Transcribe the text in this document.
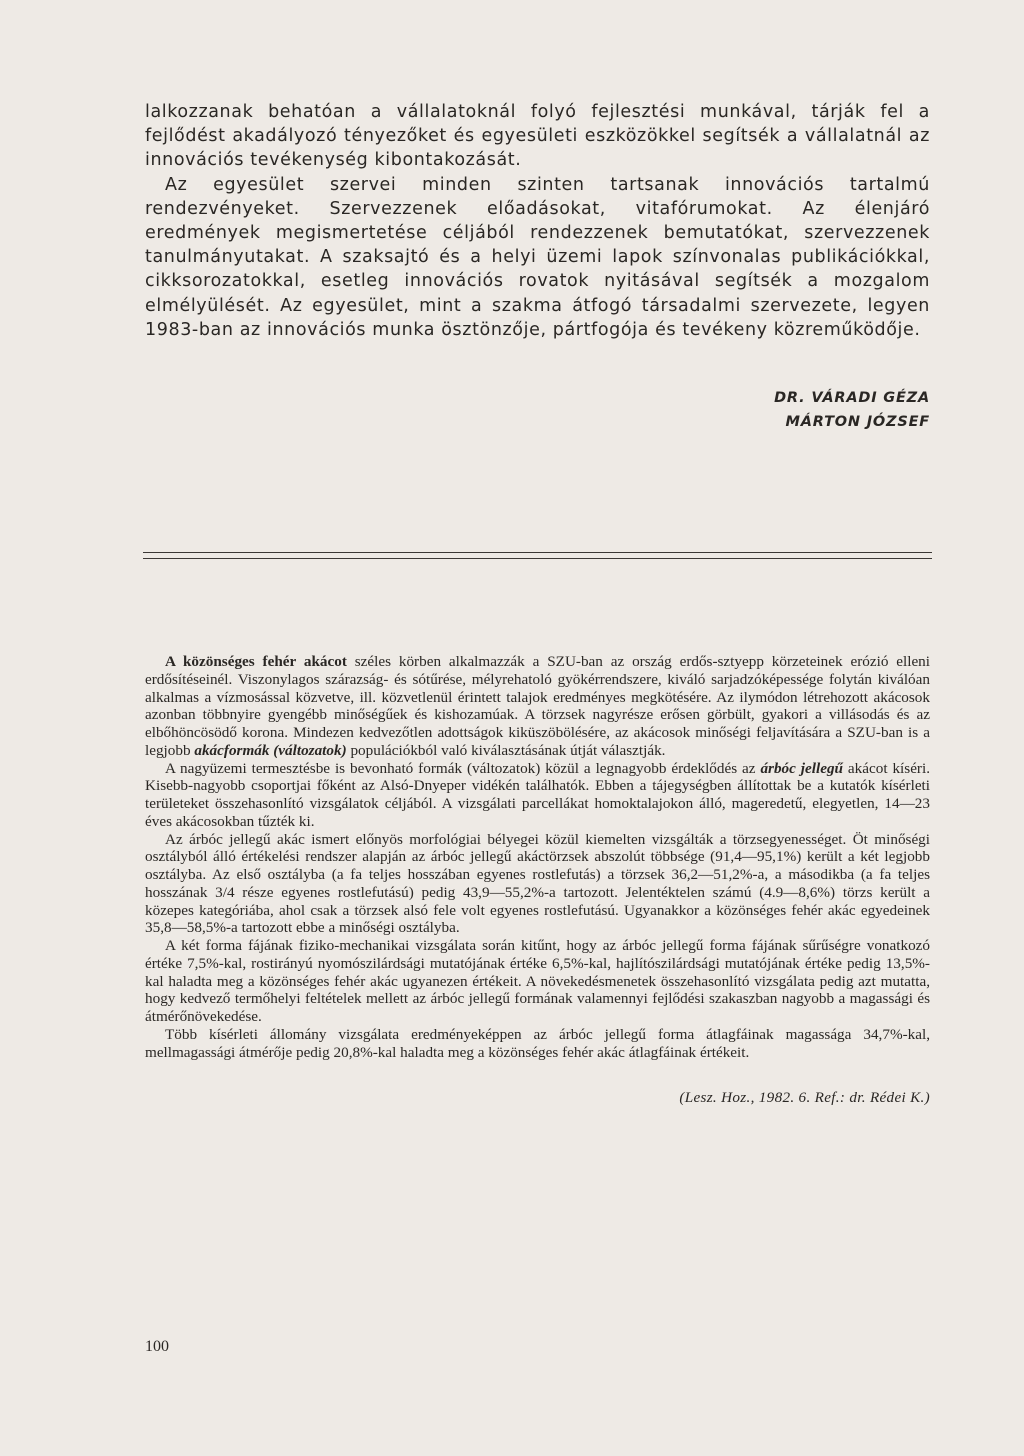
lalkozzanak behatóan a vállalatoknál folyó fejlesztési munkával, tárják fel a fejlődést akadályozó tényezőket és egyesületi eszközökkel segítsék a vállalatnál az innovációs tevékenység kibontakozását.

Az egyesület szervei minden szinten tartsanak innovációs tartalmú rendezvényeket. Szervezzenek előadásokat, vitafórumokat. Az élenjáró eredmények megismertetése céljából rendezzenek bemutatókat, szervezzenek tanulmányutakat. A szaksajtó és a helyi üzemi lapok színvonalas publikációkkal, cikksorozatokkal, esetleg innovációs rovatok nyitásával segítsék a mozgalom elmélyülését. Az egyesület, mint a szakma átfogó társadalmi szervezete, legyen 1983-ban az innovációs munka ösztönzője, pártfogója és tevékeny közreműködője.

DR. VÁRADI GÉZA
MÁRTON JÓZSEF

A közönséges fehér akácot széles körben alkalmazzák a SZU-ban az ország erdős-sztyepp körzeteinek erózió elleni erdősítéseinél. Viszonylagos szárazság- és sótűrése, mélyrehatoló gyökérrendszere, kiváló sarjadzóképessége folytán kiválóan alkalmas a vízmosással közvetve, ill. közvetlenül érintett talajok eredményes megkötésére. Az ilymódon létrehozott akácosok azonban többnyire gyengébb minőségűek és kishozamúak. A törzsek nagyrésze erősen görbült, gyakori a villásodás és az elbőhöncösödő korona. Mindezen kedvezőtlen adottságok kiküszöbölésére, az akácosok minőségi feljavítására a SZU-ban is a legjobb akácformák (változatok) populációkból való kiválasztásának útját választják.

A nagyüzemi termesztésbe is bevonható formák (változatok) közül a legnagyobb érdeklődés az árbóc jellegű akácot kíséri. Kisebb-nagyobb csoportjai főként az Alsó-Dnyeper vidékén találhatók. Ebben a tájegységben állítottak be a kutatók kísérleti területeket összehasonlító vizsgálatok céljából. A vizsgálati parcellákat homoktalajokon álló, mageredetű, elegyetlen, 14—23 éves akácosokban tűzték ki.

Az árbóc jellegű akác ismert előnyös morfológiai bélyegei közül kiemelten vizsgálták a törzsegyenességet. Öt minőségi osztályból álló értékelési rendszer alapján az árbóc jellegű akáctörzsek abszolút többsége (91,4—95,1%) került a két legjobb osztályba. Az első osztályba (a fa teljes hosszában egyenes rostlefutás) a törzsek 36,2—51,2%-a, a másodikba (a fa teljes hosszának 3/4 része egyenes rostlefutású) pedig 43,9—55,2%-a tartozott. Jelentéktelen számú (4.9—8,6%) törzs került a közepes kategóriába, ahol csak a törzsek alsó fele volt egyenes rostlefutású. Ugyanakkor a közönséges fehér akác egyedeinek 35,8—58,5%-a tartozott ebbe a minőségi osztályba.

A két forma fájának fiziko-mechanikai vizsgálata során kitűnt, hogy az árbóc jellegű forma fájának sűrűségre vonatkozó értéke 7,5%-kal, rostirányú nyomószilárdsági mutatójának értéke 6,5%-kal, hajlítószilárdsági mutatójának értéke pedig 13,5%-kal haladta meg a közönséges fehér akác ugyanezen értékeit. A növekedésmenetek összehasonlító vizsgálata pedig azt mutatta, hogy kedvező termőhelyi feltételek mellett az árbóc jellegű formának valamennyi fejlődési szakaszban nagyobb a magassági és átmérőnövekedése.

Több kísérleti állomány vizsgálata eredményeképpen az árbóc jellegű forma átlagfáinak magassága 34,7%-kal, mellmagassági átmérője pedig 20,8%-kal haladta meg a közönséges fehér akác átlagfáinak értékeit.

(Lesz. Hoz., 1982. 6. Ref.: dr. Rédei K.)
100
